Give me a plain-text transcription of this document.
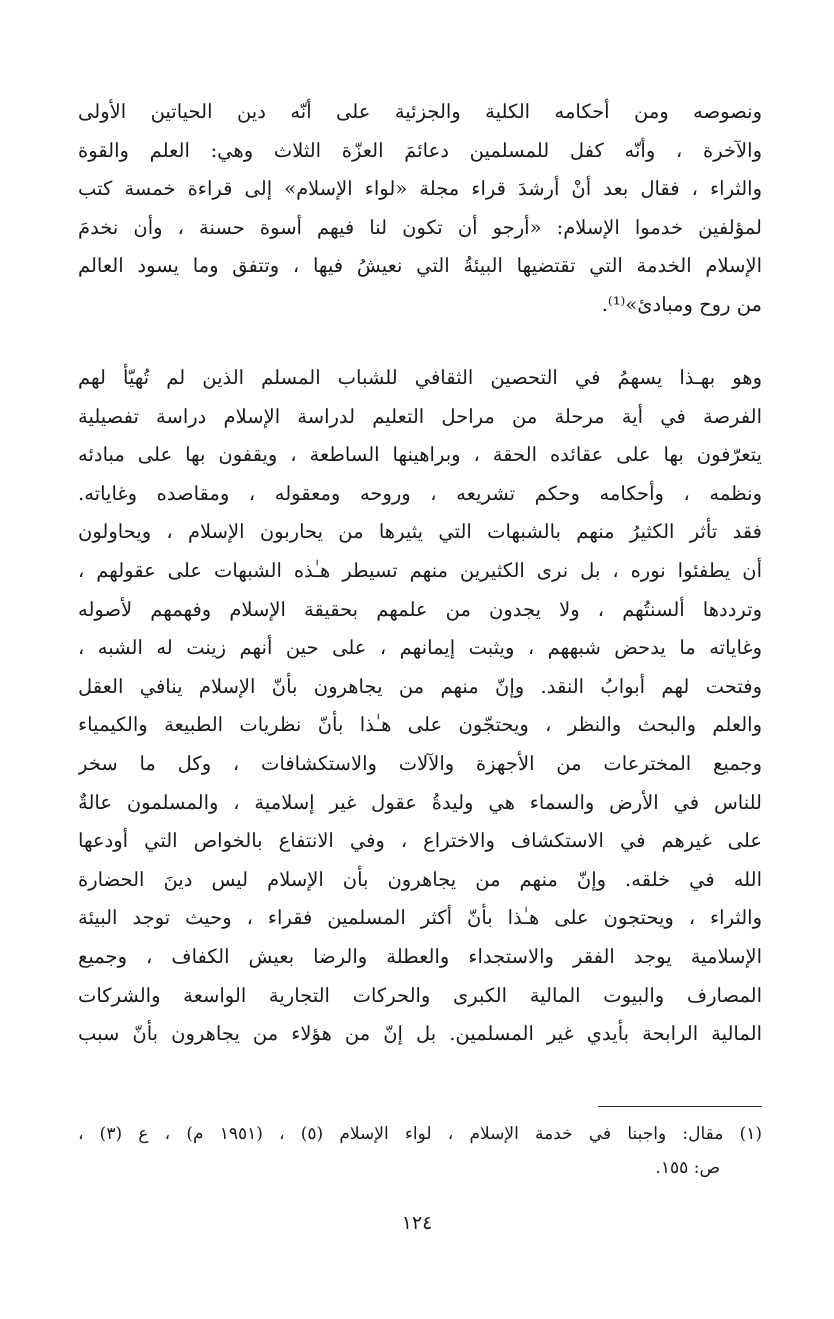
ونصوصه ومن أحكامه الكلية والجزئية على أنّه دين الحياتين الأولى
والآخرة ، وأنّه كفل للمسلمين دعائمَ العزّة الثلاث وهي: العلم والقوة
والثراء ، فقال بعد أنْ أرشدَ قراء مجلة «لواء الإسلام» إلى قراءة خمسة كتب
لمؤلفين خدموا الإسلام: «أرجو أن تكون لنا فيهم أسوة حسنة ، وأن نخدمَ
الإسلام الخدمة التي تقتضيها البيئةُ التي نعيشُ فيها ، وتتفق وما يسود العالم
من روح ومبادئ»⁽¹⁾.
وهو بهـذا يسهمُ في التحصين الثقافي للشباب المسلم الذين لم تُهيّأ لهم
الفرصة في أية مرحلة من مراحل التعليم لدراسة الإسلام دراسة تفصيلية
يتعرّفون بها على عقائده الحقة ، وبراهينها الساطعة ، ويقفون بها على مبادئه
ونظمه ، وأحكامه وحكم تشريعه ، وروحه ومعقوله ، ومقاصده وغاياته.
فقد تأثر الكثيرُ منهم بالشبهات التي يثيرها من يحاربون الإسلام ، ويحاولون
أن يطفئوا نوره ، بل نرى الكثيرين منهم تسيطر هـٰذه الشبهات على عقولهم ،
وترددها ألسنتُهم ، ولا يجدون من علمهم بحقيقة الإسلام وفهمهم لأصوله
وغاياته ما يدحض شبههم ، ويثبت إيمانهم ، على حين أنهم زينت له الشبه ،
وفتحت لهم أبوابُ النقد. وإنّ منهم من يجاهرون بأنّ الإسلام ينافي العقل
والعلم والبحث والنظر ، ويحتجّون على هـٰذا بأنّ نظريات الطبيعة والكيمياء
وجميع المخترعات من الأجهزة والآلات والاستكشافات ، وكل ما سخر
للناس في الأرض والسماء هي وليدةُ عقول غير إسلامية ، والمسلمون عالةٌ
على غيرهم في الاستكشاف والاختراع ، وفي الانتفاع بالخواص التي أودعها
الله في خلقه. وإنّ منهم من يجاهرون بأن الإسلام ليس دينَ الحضارة
والثراء ، ويحتجون على هـٰذا بأنّ أكثر المسلمين فقراء ، وحيث توجد البيئة
الإسلامية يوجد الفقر والاستجداء والعطلة والرضا بعيش الكفاف ، وجميع
المصارف والبيوت المالية الكبرى والحركات التجارية الواسعة والشركات
المالية الرابحة بأيدي غير المسلمين. بل إنّ من هؤلاء من يجاهرون بأنّ سبب
(١) مقال: واجبنا في خدمة الإسلام ، لواء الإسلام (٥) ، (١٩٥١ م) ، ع (٣) ،
ص: ١٥٥.
١٢٤
